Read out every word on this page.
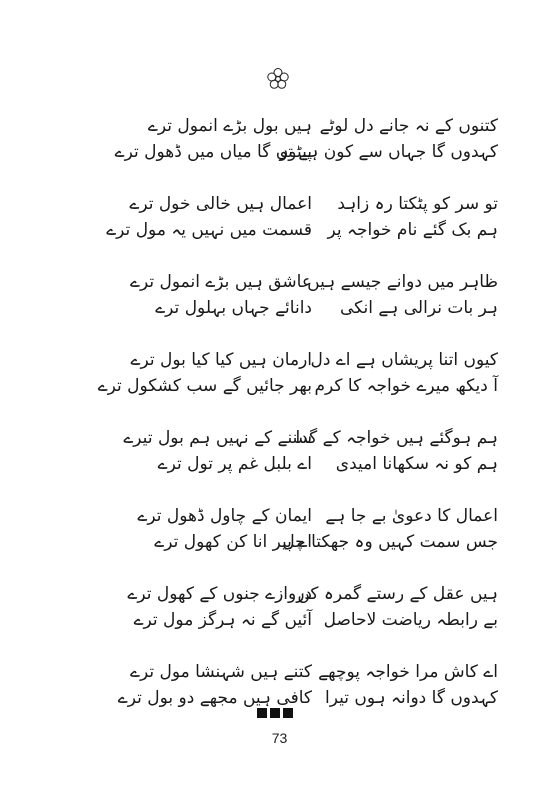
کتنوں کے نہ جانے دل لوٹے
ہیں بول بڑے انمول ترے
کہدوں گا جہاں سے کون ہے تو
پیٹوں گا میاں میں ڈھول ترے
تو سر کو پٹکتا رہ زاہد
اعمال ہیں خالی خول ترے
ہم بک گئے نام خواجہ پر
قسمت میں نہیں یہ مول ترے
ظاہر میں دوانے جیسے ہیں
عاشق ہیں بڑے انمول ترے
ہر بات نرالی ہے انکی
دانائے جہاں بہلول ترے
کیوں اتنا پریشاں ہے اے دل
ارمان ہیں کیا کیا بول ترے
آ دیکھ میرے خواجہ کا کرم
بھر جائیں گے سب کشکول ترے
ہم ہوگئے ہیں خواجہ کے گدا
سننے کے نہیں ہم بول تیرے
ہم کو نہ سکھانا امیدی
اے بلبل غم پر تول ترے
اعمال کا دعویٰ بے جا ہے
ایمان کے چاول ڈھول ترے
جس سمت کہیں وہ جھکتا چل
اے پیر انا کن کھول ترے
ہیں عقل کے رستے گمرہ کن
دروازے جنوں کے کھول ترے
بے رابطہ ریاضت لاحاصل
آئیں گے نہ ہرگز مول ترے
اے کاش مرا خواجہ پوچھے
کتنے ہیں شہنشا مول ترے
کہدوں گا دوانہ ہوں تیرا
کافی ہیں مجھے دو بول ترے
73
